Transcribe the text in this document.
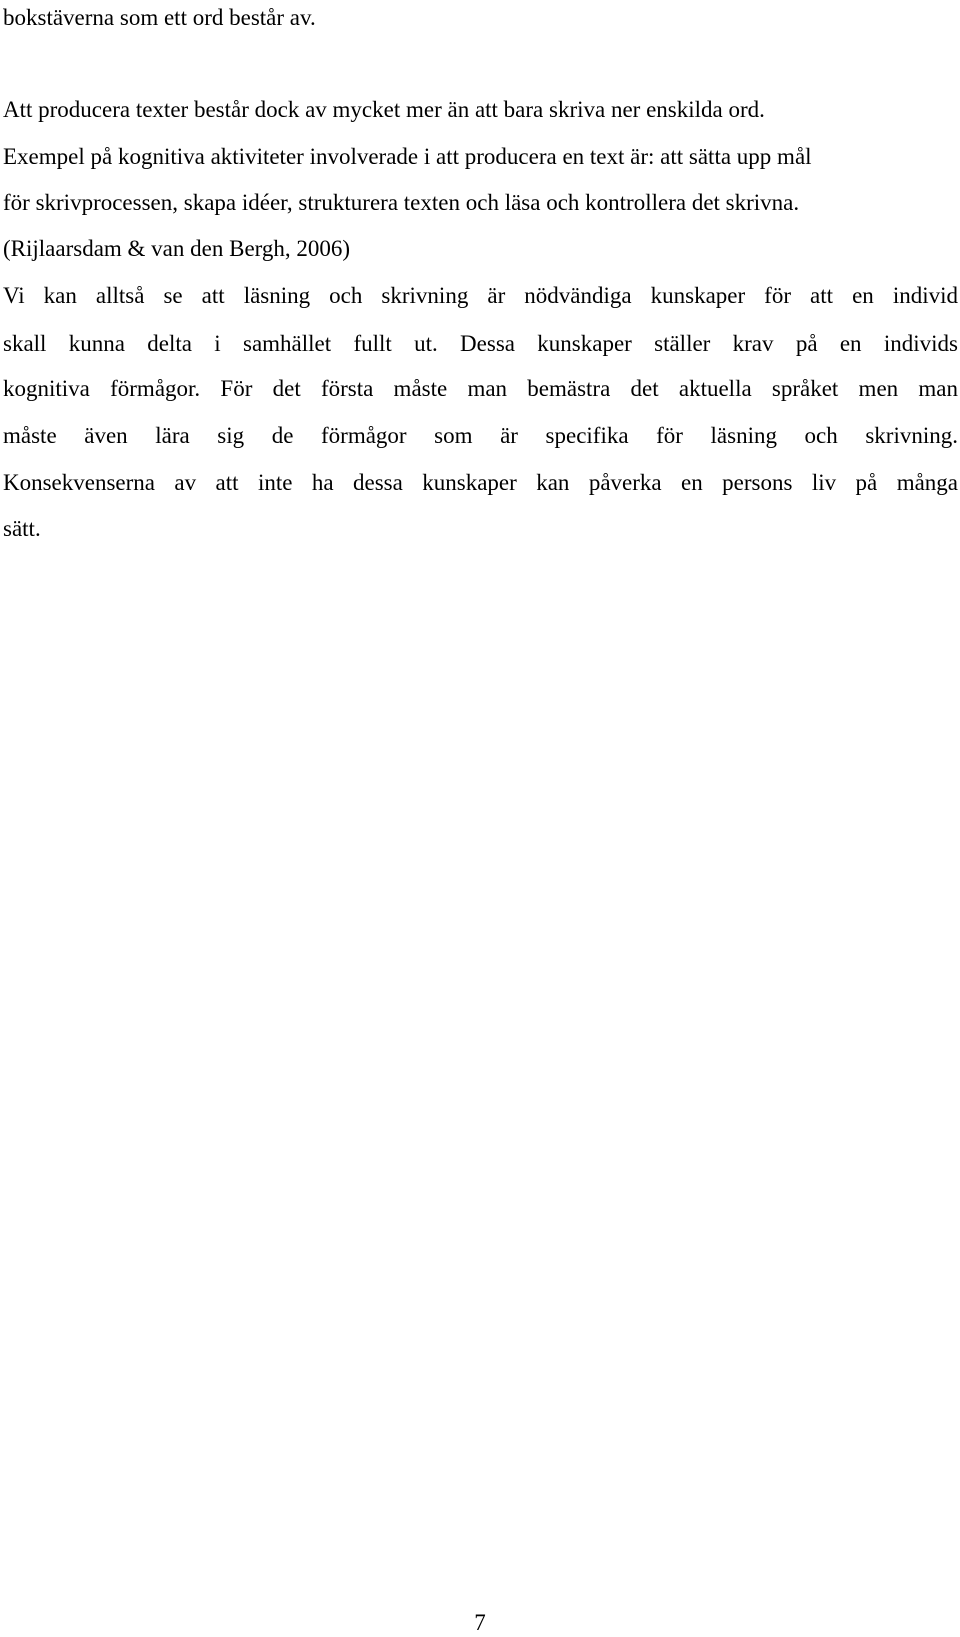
bokstäverna som ett ord består av.
Att producera texter består dock av mycket mer än att bara skriva ner enskilda ord.
Exempel på kognitiva aktiviteter involverade i att producera en text är: att sätta upp mål
för skrivprocessen, skapa idéer, strukturera texten och läsa och kontrollera det skrivna.
(Rijlaarsdam & van den Bergh, 2006)
Vi kan alltså se att läsning och skrivning är nödvändiga kunskaper för att en individ
skall kunna delta i samhället fullt ut. Dessa kunskaper ställer krav på en individs
kognitiva förmågor. För det första måste man bemästra det aktuella språket men man
måste även lära sig de förmågor som är specifika för läsning och skrivning.
Konsekvenserna av att inte ha dessa kunskaper kan påverka en persons liv på många
sätt.
7
